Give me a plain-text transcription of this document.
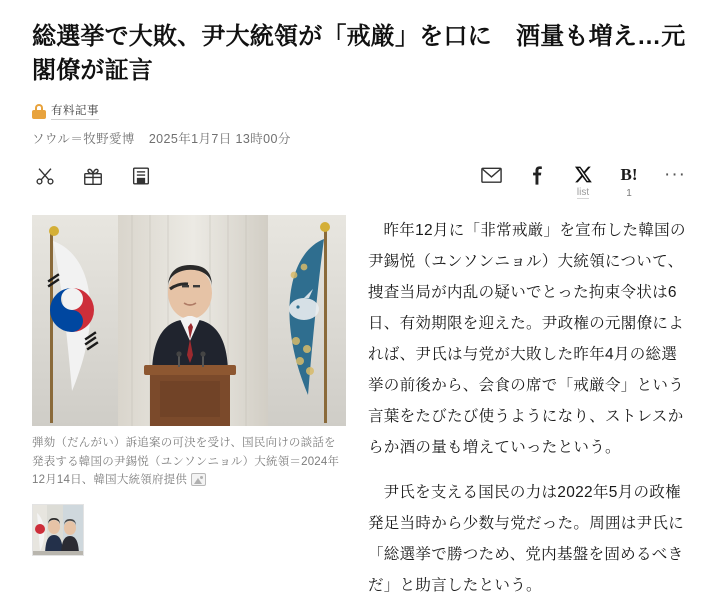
総選挙で大敗、尹大統領が「戒厳」を口に　酒量も増え…元閣僚が証言
有料記事
ソウル＝牧野愛博 2025年1月7日 13時00分
list
B!
1
···
弾劾（だんがい）訴追案の可決を受け、国民向けの談話を発表する韓国の尹錫悦（ユンソンニョル）大統領＝2024年12月14日、韓国大統領府提供

昨年12月に「非常戒厳」を宣布した韓国の尹錫悦（ユンソンニョル）大統領について、捜査当局が内乱の疑いでとった拘束令状は6日、有効期限を迎えた。尹政権の元閣僚によれば、尹氏は与党が大敗した昨年4月の総選挙の前後から、会食の席で「戒厳令」という言葉をたびたび使うようになり、ストレスからか酒の量も増えていったという。

尹氏を支える国民の力は2022年5月の政権発足当時から少数与党だった。周囲は尹氏に「総選挙で勝つため、党内基盤を固めるべきだ」と助言したという。
